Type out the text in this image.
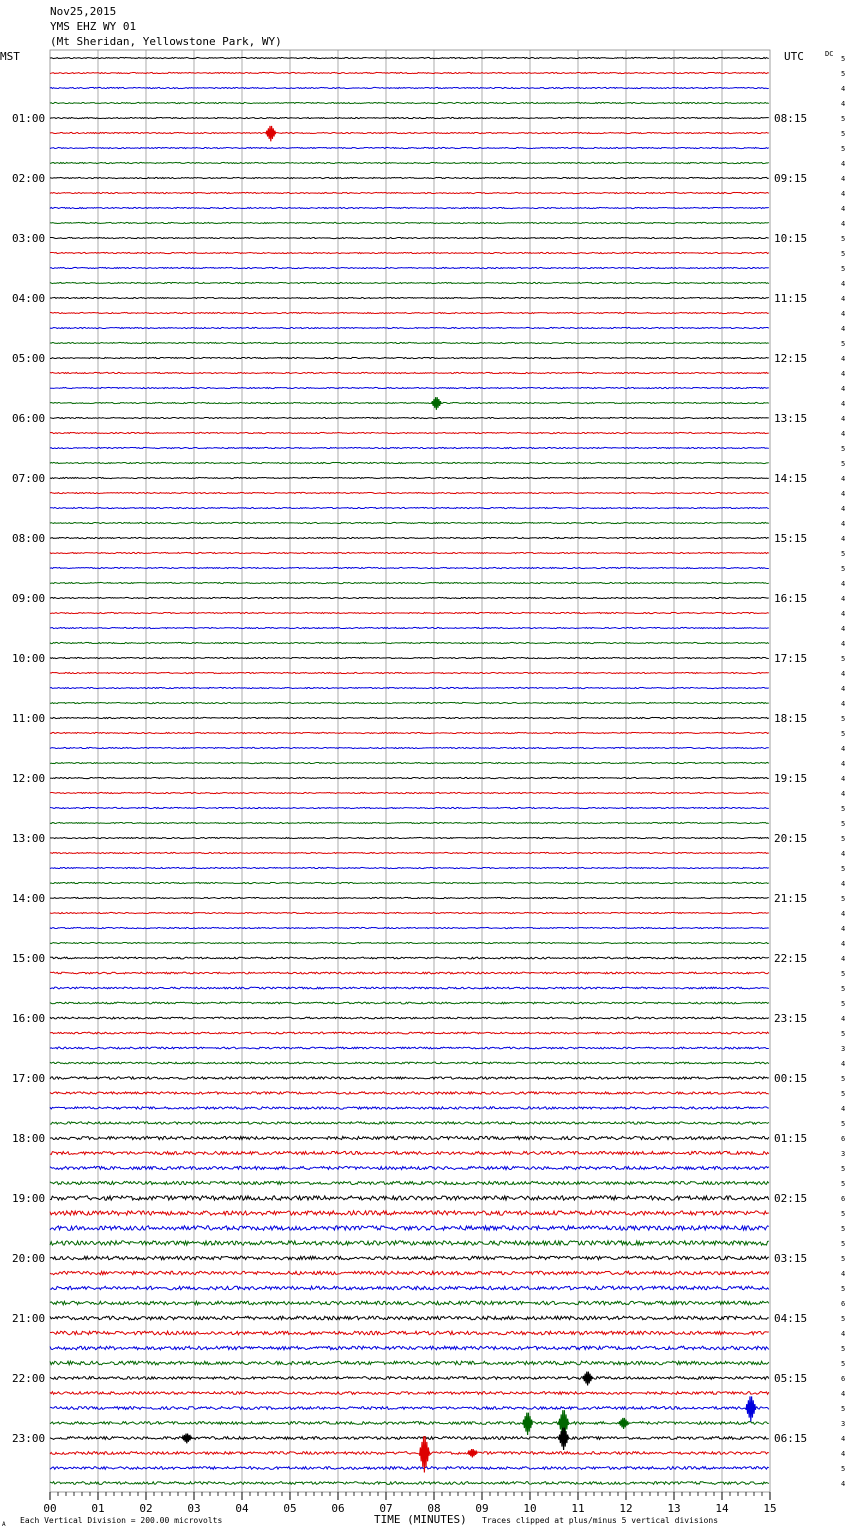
Nov25,2015
YMS EHZ WY 01
(Mt Sheridan, Yellowstone Park, WY)
5
5
4
4
5
5
5
4
4
4
4
4
5
5
5
4
4
4
4
5
4
4
4
4
4
4
5
5
4
4
4
4
4
5
5
4
4
4
4
4
5
4
4
4
5
5
4
4
4
4
5
5
5
4
5
4
5
4
4
4
4
5
5
5
4
5
3
4
5
5
4
5
6
3
5
5
6
5
5
5
5
4
5
6
5
4
5
5
6
4
5
3
4
4
5
4
MST	UTC	DC
01:00
02:00
03:00
04:00
05:00
06:00
07:00
08:00
09:00
10:00
11:00
12:00
13:00
14:00
15:00
16:00
17:00
18:00
19:00
20:00
21:00
22:00
23:00
08:15
09:15
10:15
11:15
12:15
13:15
14:15
15:15
16:15
17:15
18:15
19:15
20:15
21:15
22:15
23:15
00:15
01:15
02:15
03:15
04:15
05:15
06:15
00	01	02	03	04	05	06	07	08	09	10	11	12	13	14	15
Each Vertical Division = 200.00 microvolts	TIME (MINUTES) Traces clipped at plus/minus 5 vertical divisions
A
